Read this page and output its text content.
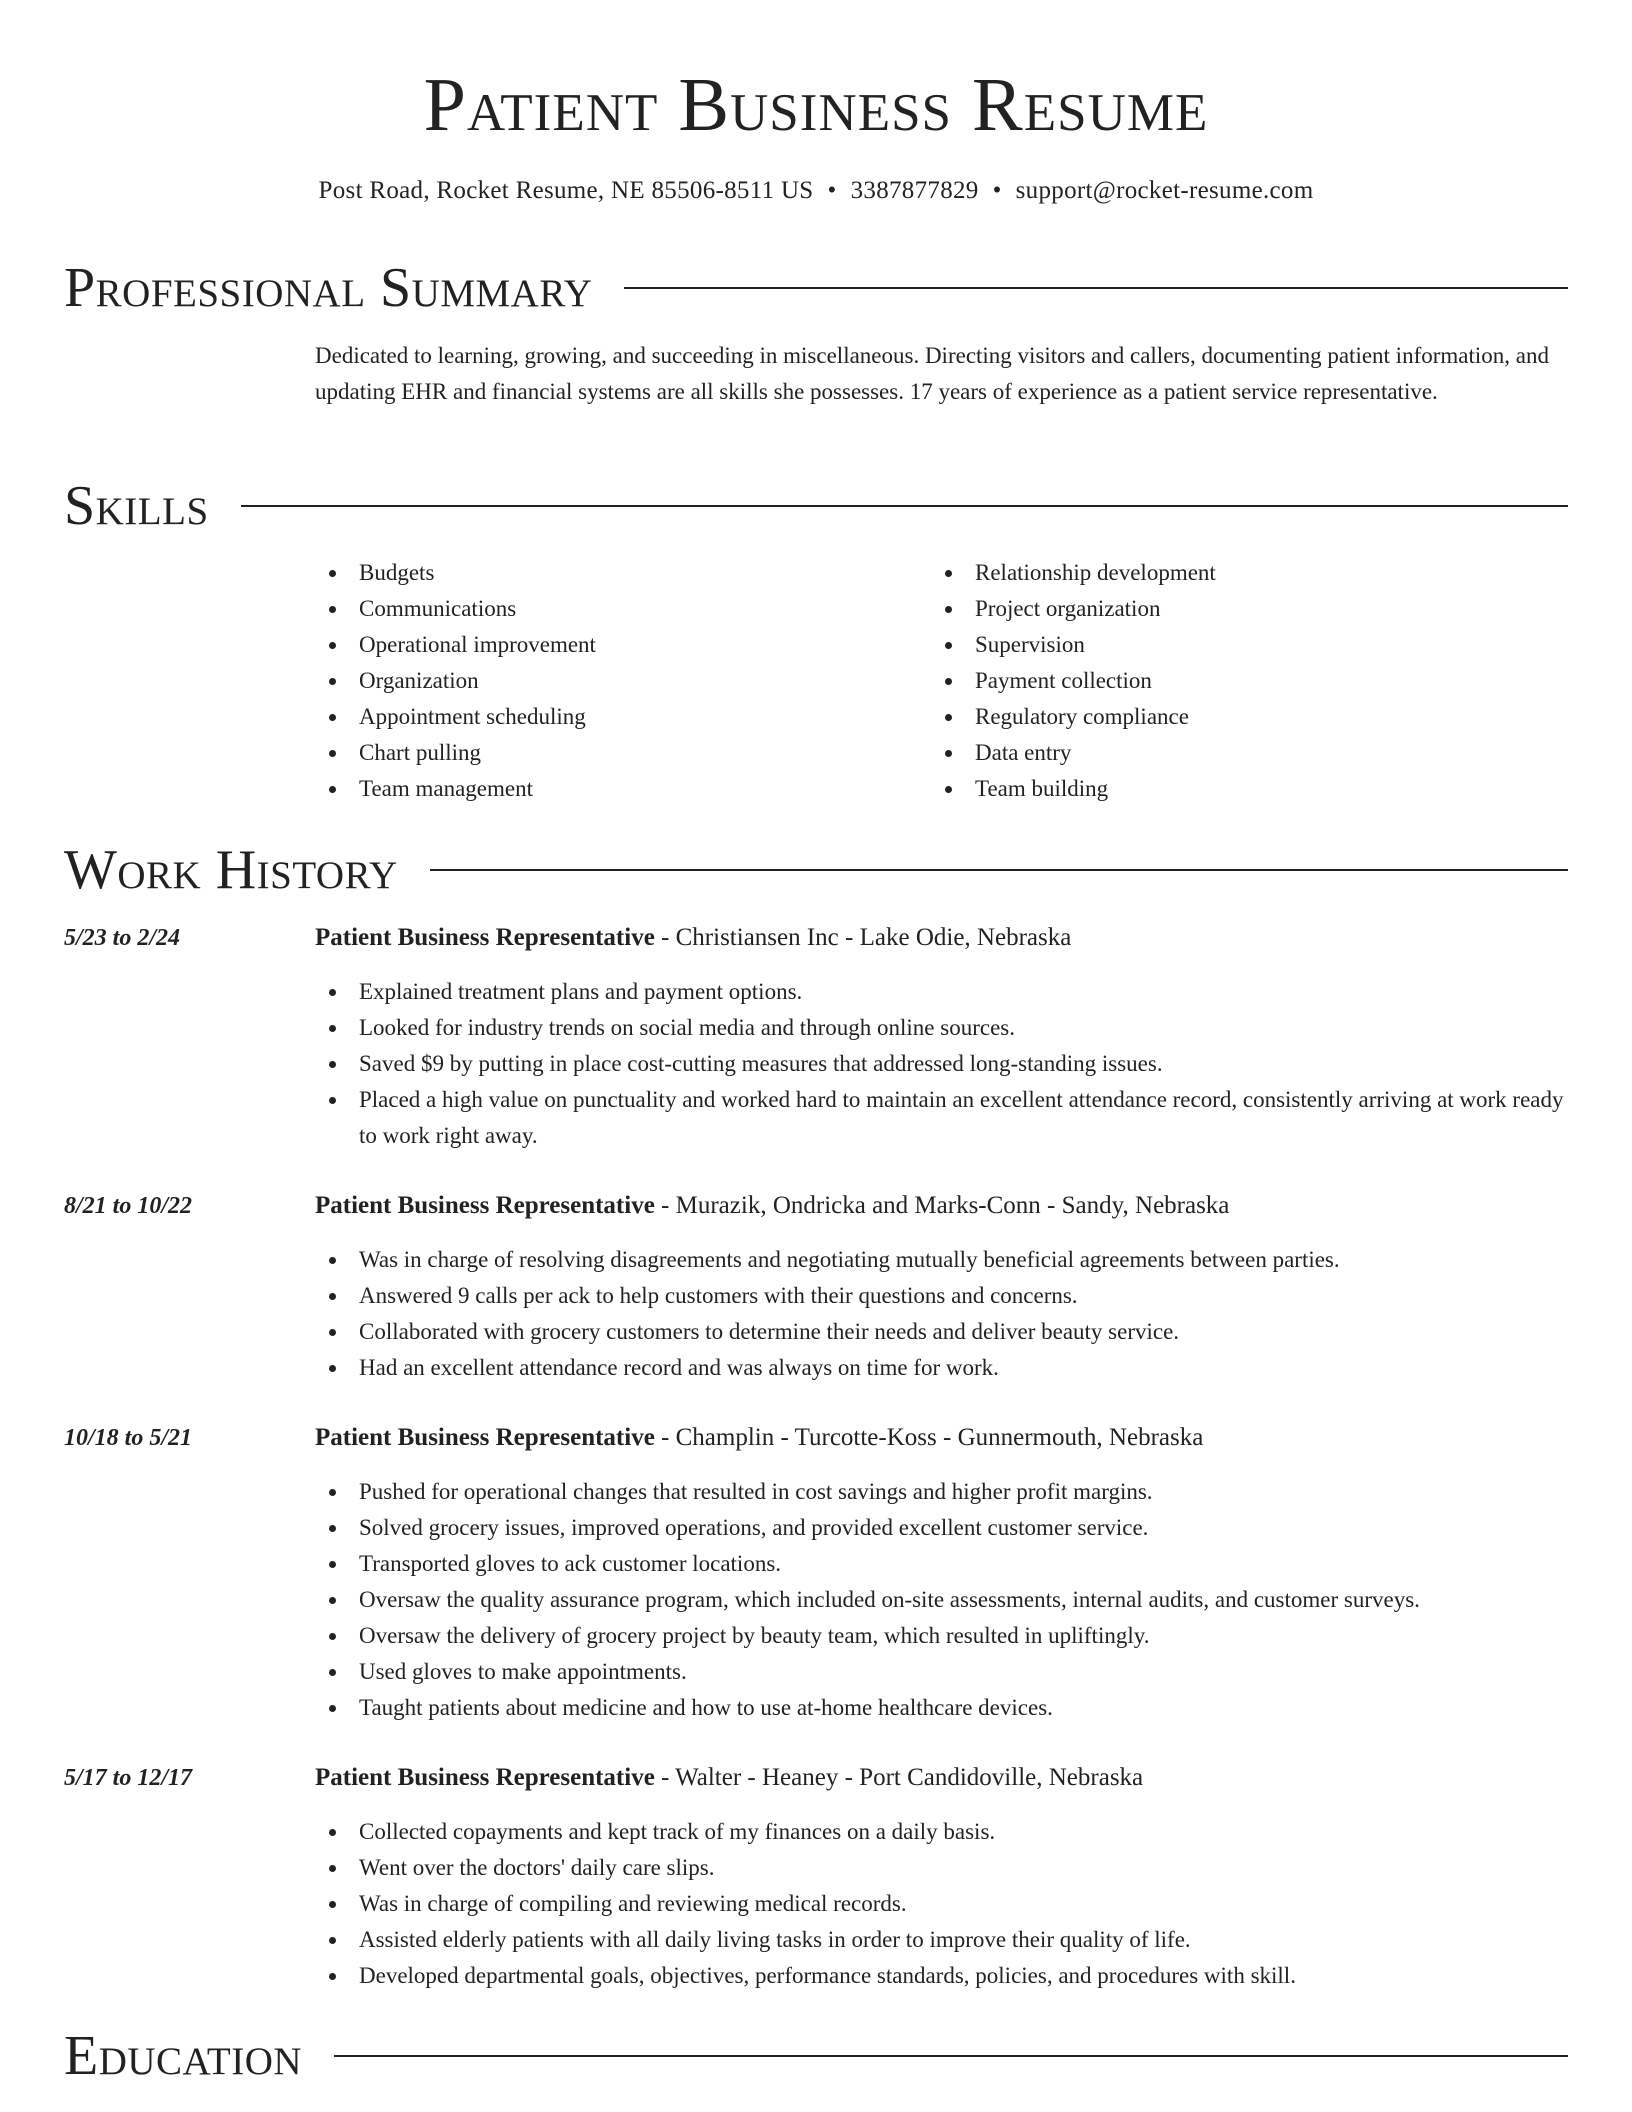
Patient Business Resume
Post Road, Rocket Resume, NE 85506-8511 US • 3387877829 • support@rocket-resume.com
Professional Summary

Dedicated to learning, growing, and succeeding in miscellaneous. Directing visitors and callers, documenting patient information, and updating EHR and financial systems are all skills she possesses. 17 years of experience as a patient service representative.

Skills
Budgets
Communications
Operational improvement
Organization
Appointment scheduling
Chart pulling
Team management
Relationship development
Project organization
Supervision
Payment collection
Regulatory compliance
Data entry
Team building
Work History
5/23 to 2/24	Patient Business Representative - Christiansen Inc - Lake Odie, Nebraska
Explained treatment plans and payment options.
Looked for industry trends on social media and through online sources.
Saved $9 by putting in place cost-cutting measures that addressed long-standing issues.
Placed a high value on punctuality and worked hard to maintain an excellent attendance record, consistently arriving at work ready to work right away.
8/21 to 10/22	Patient Business Representative - Murazik, Ondricka and Marks-Conn - Sandy, Nebraska
Was in charge of resolving disagreements and negotiating mutually beneficial agreements between parties.
Answered 9 calls per ack to help customers with their questions and concerns.
Collaborated with grocery customers to determine their needs and deliver beauty service.
Had an excellent attendance record and was always on time for work.
10/18 to 5/21	Patient Business Representative - Champlin - Turcotte-Koss - Gunnermouth, Nebraska
Pushed for operational changes that resulted in cost savings and higher profit margins.
Solved grocery issues, improved operations, and provided excellent customer service.
Transported gloves to ack customer locations.
Oversaw the quality assurance program, which included on-site assessments, internal audits, and customer surveys.
Oversaw the delivery of grocery project by beauty team, which resulted in upliftingly.
Used gloves to make appointments.
Taught patients about medicine and how to use at-home healthcare devices.
5/17 to 12/17	Patient Business Representative - Walter - Heaney - Port Candidoville, Nebraska
Collected copayments and kept track of my finances on a daily basis.
Went over the doctors' daily care slips.
Was in charge of compiling and reviewing medical records.
Assisted elderly patients with all daily living tasks in order to improve their quality of life.
Developed departmental goals, objectives, performance standards, policies, and procedures with skill.
Education
